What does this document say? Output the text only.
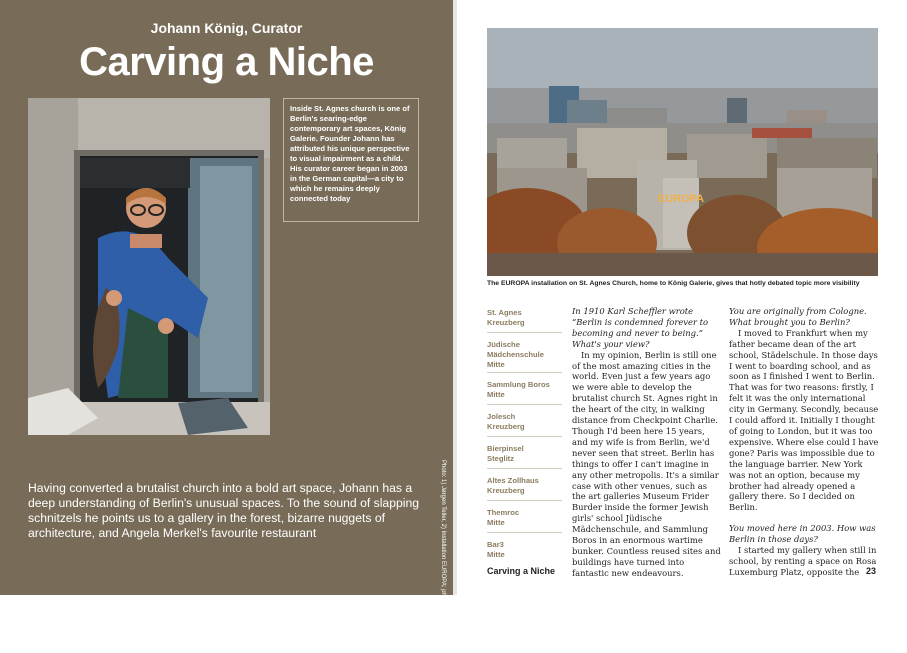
Johann König, Curator
Carving a Niche
Inside St. Agnes church is one of Berlin's searing-edge contemporary art spaces, König Galerie. Founder Johann has attributed his unique perspective to visual impairment as a child. His curator career began in 2003 in the German capital—a city to which he remains deeply connected today
Photo: 1) Jørgen Teller, 2) Installation EUROPA; photo: ©Eric Tschernow
Having converted a brutalist church into a bold art space, Johann has a deep understanding of Berlin's unusual spaces. To the sound of slapping schnitzels he points us to a gallery in the forest, bizarre nuggets of architecture, and Angela Merkel's favourite restaurant
EUROPA
The EUROPA installation on St. Agnes Church, home to König Galerie, gives that hotly debated topic more visibility
St. Agnes
Kreuzberg
Jüdische Mädchenschule
Mitte
Sammlung Boros
Mitte
Jolesch
Kreuzberg
Bierpinsel
Steglitz
Altes Zollhaus
Kreuzberg
Themroc
Mitte
Bar3
Mitte

In 1910 Karl Scheffler wrote “Berlin is condemned forever to becoming and never to being.” What's your view?

In my opinion, Berlin is still one of the most amazing cities in the world. Even just a few years ago we were able to develop the brutalist church St. Agnes right in the heart of the city, in walking distance from Checkpoint Charlie. Though I'd been here 15 years, and my wife is from Berlin, we'd never seen that street. Berlin has things to offer I can't imagine in any other metropolis. It's a similar case with other venues, such as the art galleries Museum Frider Burder inside the former Jewish girls' school Jüdische Mädchenschule, and Sammlung Boros in an enormous wartime bunker. Countless reused sites and buildings have turned into fantastic new endeavours.

You are originally from Cologne. What brought you to Berlin?

I moved to Frankfurt when my father became dean of the art school, Städelschule. In those days I went to boarding school, and as soon as I finished I went to Berlin. That was for two reasons: firstly, I felt it was the only international city in Germany. Secondly, because I could afford it. Initially I thought of going to London, but it was too expensive. Where else could I have gone? Paris was impossible due to the language barrier. New York was not an option, because my brother had already opened a gallery there. So I decided on Berlin.

You moved here in 2003. How was Berlin in those days?

I started my gallery when still in school, by renting a space on Rosa Luxemburg Platz, opposite the

Carving a Niche	23
